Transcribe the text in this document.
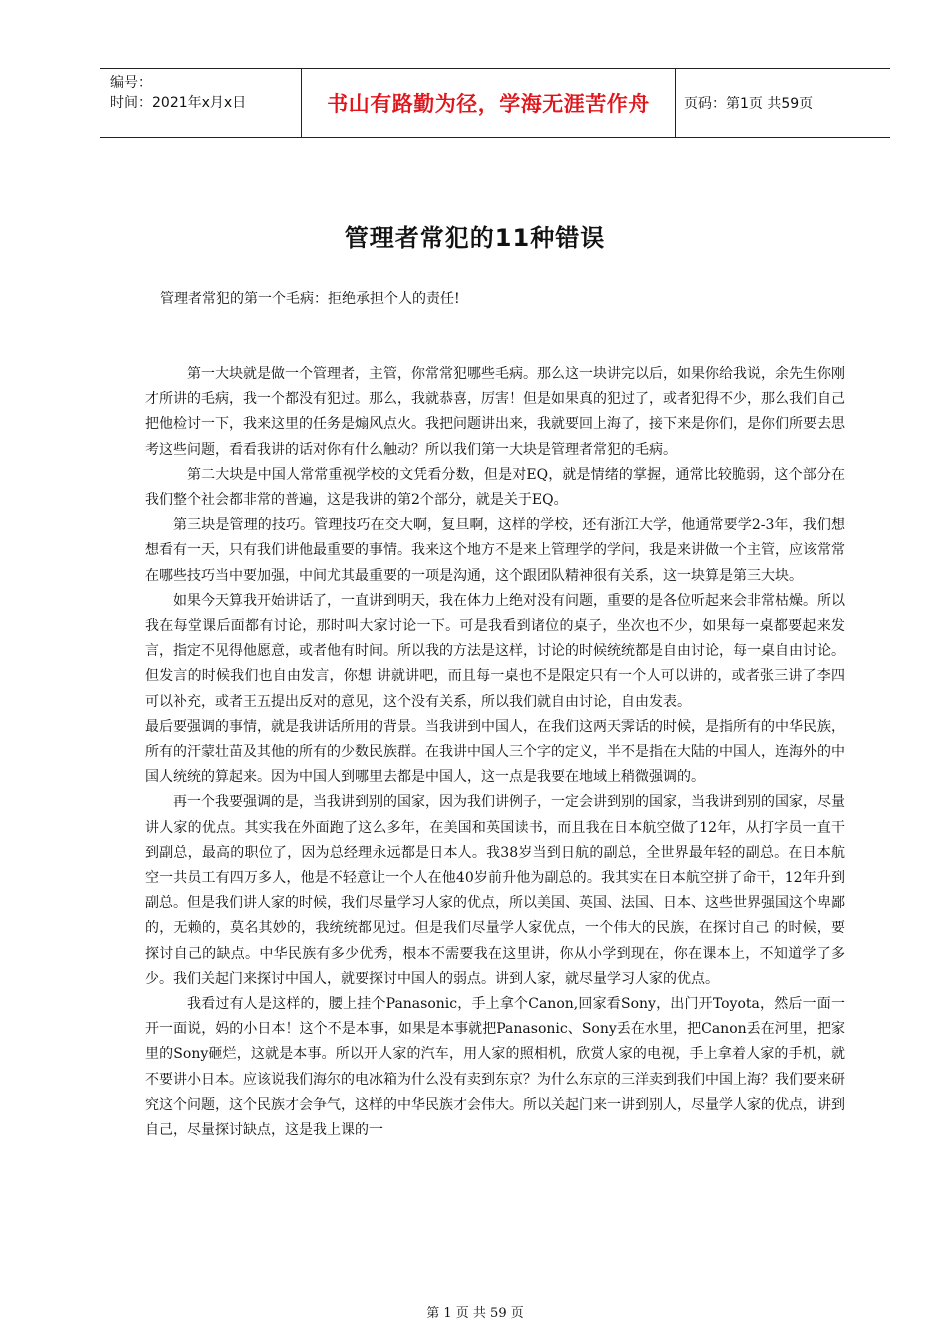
编号：
时间：2021年x月x日	书山有路勤为径，学海无涯苦作舟	页码：第1页 共59页
管理者常犯的11种错误
管理者常犯的第一个毛病：拒绝承担个人的责任!

第一大块就是做一个管理者，主管，你常常犯哪些毛病。那么这一块讲完以后，如果你给我说，余先生你刚才所讲的毛病，我一个都没有犯过。那么，我就恭喜，厉害！但是如果真的犯过了，或者犯得不少，那么我们自己把他检讨一下，我来这里的任务是煽风点火。我把问题讲出来，我就要回上海了，接下来是你们，是你们所要去思考这些问题，看看我讲的话对你有什么触动？所以我们第一大块是管理者常犯的毛病。

第二大块是中国人常常重视学校的文凭看分数，但是对EQ，就是情绪的掌握，通常比较脆弱，这个部分在我们整个社会都非常的普遍，这是我讲的第2个部分，就是关于EQ。

第三块是管理的技巧。管理技巧在交大啊，复旦啊，这样的学校，还有浙江大学，他通常要学2-3年，我们想想看有一天，只有我们讲他最重要的事情。我来这个地方不是来上管理学的学问，我是来讲做一个主管，应该常常在哪些技巧当中要加强，中间尤其最重要的一项是沟通，这个跟团队精神很有关系，这一块算是第三大块。

如果今天算我开始讲话了，一直讲到明天，我在体力上绝对没有问题，重要的是各位听起来会非常枯燥。所以我在每堂课后面都有讨论，那时叫大家讨论一下。可是我看到诸位的桌子，坐次也不少，如果每一桌都要起来发言，指定不见得他愿意，或者他有时间。所以我的方法是这样，讨论的时候统统都是自由讨论，每一桌自由讨论。但发言的时候我们也自由发言，你想 讲就讲吧，而且每一桌也不是限定只有一个人可以讲的，或者张三讲了李四可以补充，或者王五提出反对的意见，这个没有关系，所以我们就自由讨论，自由发表。

最后要强调的事情，就是我讲话所用的背景。当我讲到中国人，在我们这两天霁话的时候，是指所有的中华民族，所有的汗蒙壮苗及其他的所有的少数民族群。在我讲中国人三个字的定义，半不是指在大陆的中国人，连海外的中国人统统的算起来。因为中国人到哪里去都是中国人，这一点是我要在地域上稍微强调的。

再一个我要强调的是，当我讲到别的国家，因为我们讲例子，一定会讲到别的国家，当我讲到别的国家，尽量讲人家的优点。其实我在外面跑了这么多年，在美国和英国读书，而且我在日本航空做了12年，从打字员一直干到副总，最高的职位了，因为总经理永远都是日本人。我38岁当到日航的副总，全世界最年轻的副总。在日本航空一共员工有四万多人，他是不轻意让一个人在他40岁前升他为副总的。我其实在日本航空拼了命干，12年升到副总。但是我们讲人家的时候，我们尽量学习人家的优点，所以美国、英国、法国、日本、这些世界强国这个卑鄙的，无赖的，莫名其妙的，我统统都见过。但是我们尽量学人家优点，一个伟大的民族，在探讨自己 的时候，要探讨自己的缺点。中华民族有多少优秀，根本不需要我在这里讲，你从小学到现在，你在课本上，不知道学了多少。我们关起门来探讨中国人，就要探讨中国人的弱点。讲到人家，就尽量学习人家的优点。

我看过有人是这样的，腰上挂个Panasonic，手上拿个Canon,回家看Sony，出门开Toyota，然后一面一开一面说，妈的小日本！这个不是本事，如果是本事就把Panasonic、Sony丢在水里，把Canon丢在河里，把家里的Sony砸烂，这就是本事。所以开人家的汽车，用人家的照相机，欣赏人家的电视，手上拿着人家的手机，就不要讲小日本。应该说我们海尔的电冰箱为什么没有卖到东京？为什么东京的三洋卖到我们中国上海？我们要来研究这个问题，这个民族才会争气，这样的中华民族才会伟大。所以关起门来一讲到别人，尽量学人家的优点，讲到自己，尽量探讨缺点，这是我上课的一

第 1 页 共 59 页
